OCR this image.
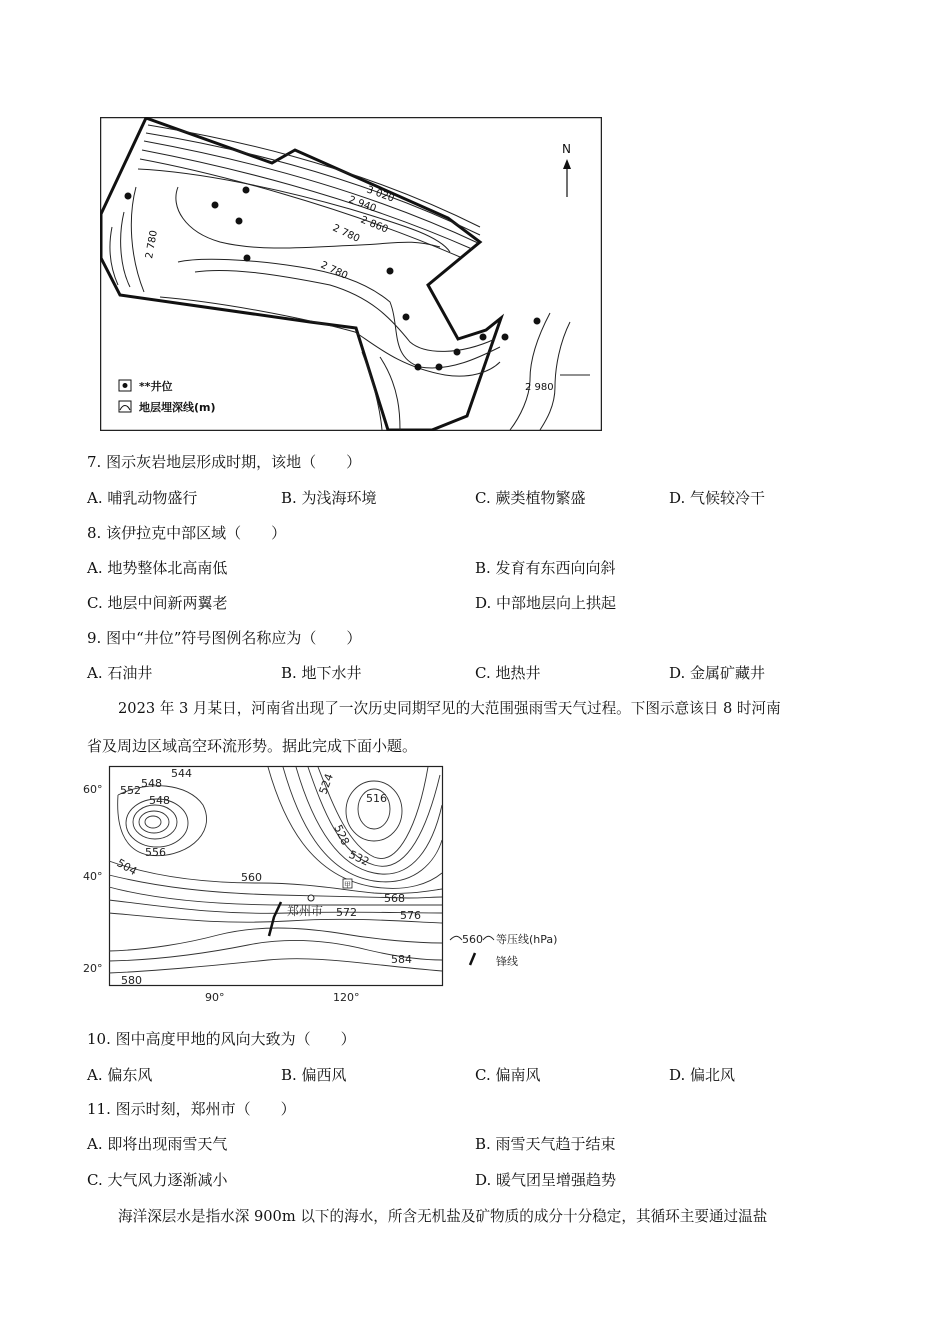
3 020
2 940
2 860
2 780
2 780
2 780
2 980
N
**井位
地层埋深线(m)
7. 图示灰岩地层形成时期，该地（　　）
A. 哺乳动物盛行	B. 为浅海环境	C. 蕨类植物繁盛	D. 气候较冷干
8. 该伊拉克中部区域（　　）
A. 地势整体北高南低	B. 发育有东西向向斜
C. 地层中间新两翼老	D. 中部地层向上拱起
9. 图中“井位”符号图例名称应为（　　）
A. 石油井	B. 地下水井	C. 地热井	D. 金属矿藏井
2023 年 3 月某日，河南省出现了一次历史同期罕见的大范围强雨雪天气过程。下图示意该日 8 时河南
省及周边区域高空环流形势。据此完成下面小题。
60°
40°
20°
90°	120°
544
548
552
548
556
504
524
516
528
532
560
568
572	576
584
580
郑州市
甲
560 等压线(hPa)
锋线
10. 图中高度甲地的风向大致为（　　）
A. 偏东风	B. 偏西风	C. 偏南风	D. 偏北风
11. 图示时刻，郑州市（　　）
A. 即将出现雨雪天气	B. 雨雪天气趋于结束
C. 大气风力逐渐减小	D. 暖气团呈增强趋势
海洋深层水是指水深 900m 以下的海水，所含无机盐及矿物质的成分十分稳定，其循环主要通过温盐
